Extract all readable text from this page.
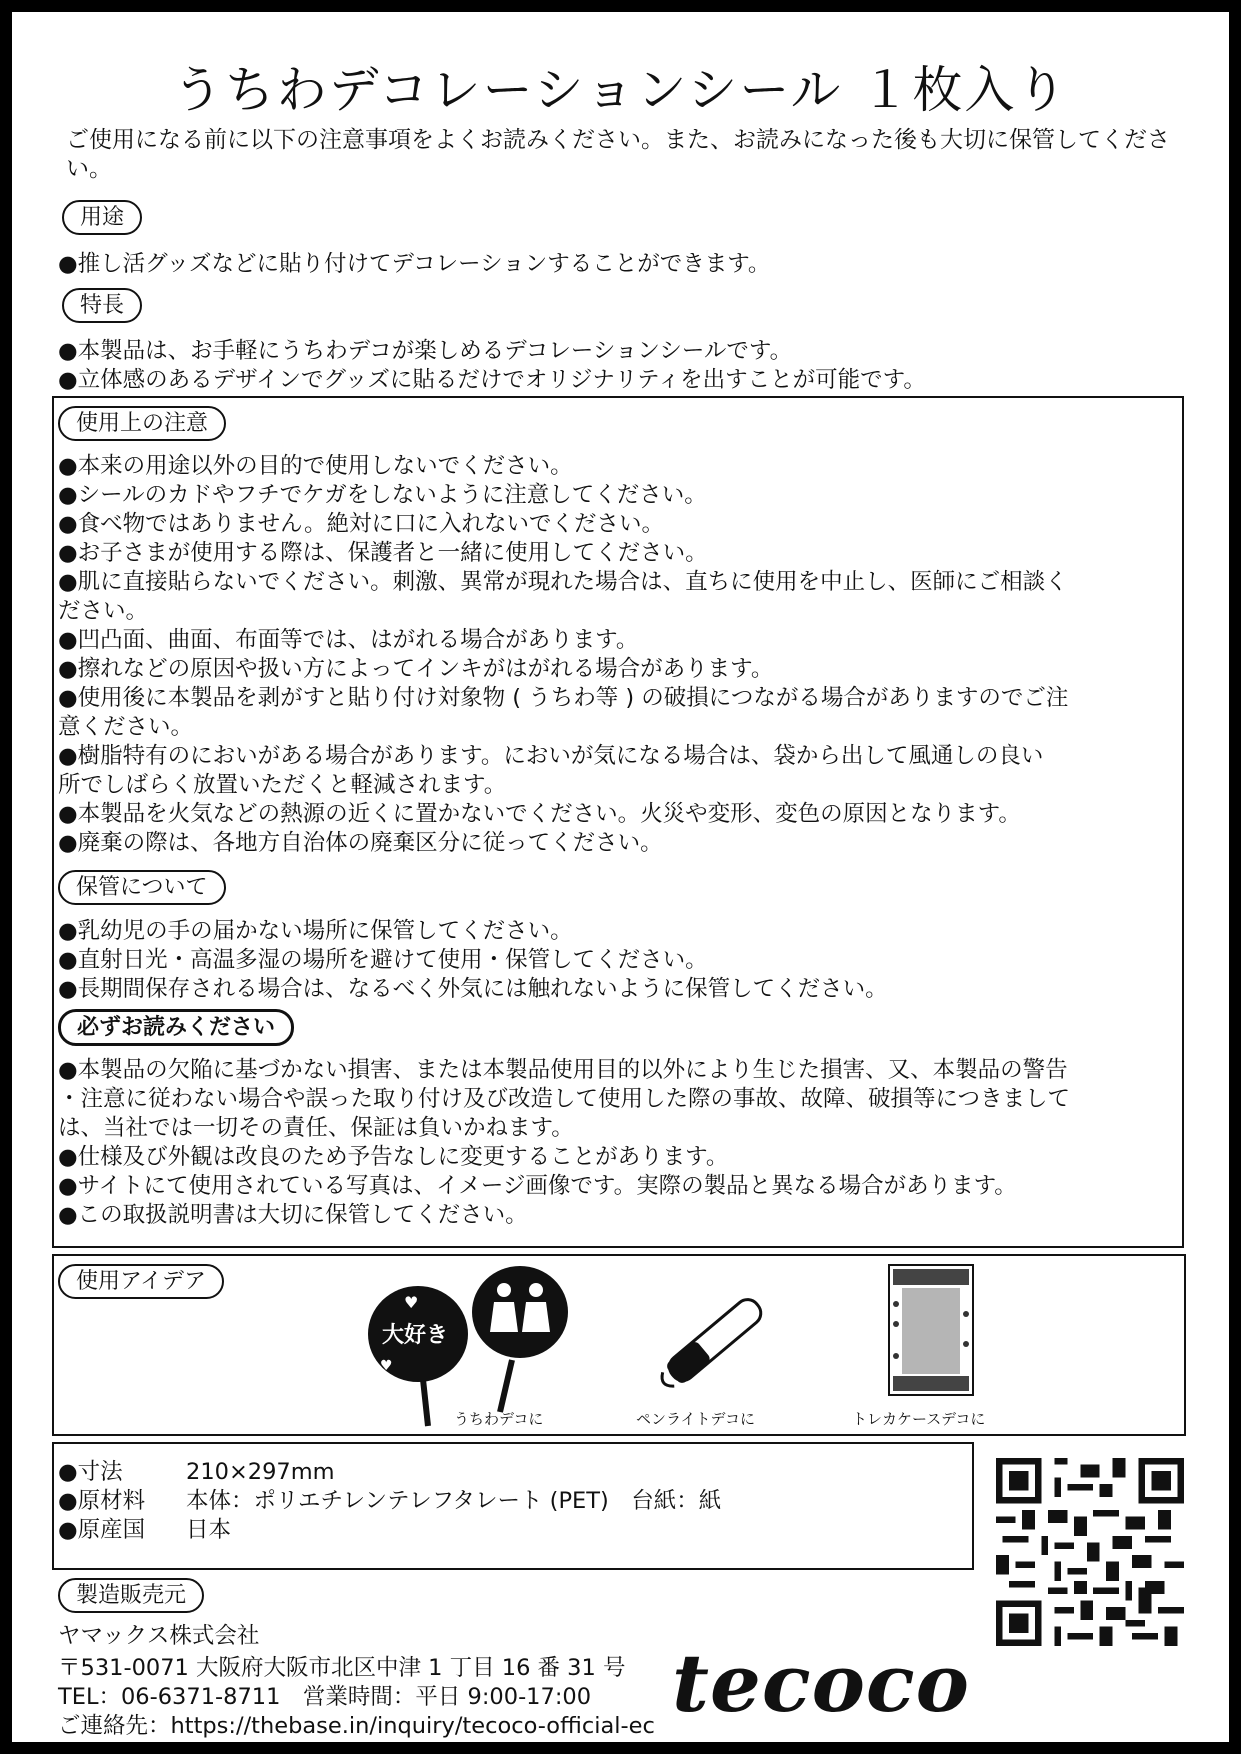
うちわデコレーションシール １枚入り
ご使用になる前に以下の注意事項をよくお読みください。また、お読みになった後も大切に保管してください。
用途
●推し活グッズなどに貼り付けてデコレーションすることができます。
特長
●本製品は、お手軽にうちわデコが楽しめるデコレーションシールです。
●立体感のあるデザインでグッズに貼るだけでオリジナリティを出すことが可能です。
使用上の注意
●本来の用途以外の目的で使用しないでください。
●シールのカドやフチでケガをしないように注意してください。
●食べ物ではありません。絶対に口に入れないでください。
●お子さまが使用する際は、保護者と一緒に使用してください。
●肌に直接貼らないでください。刺激、異常が現れた場合は、直ちに使用を中止し、医師にご相談く
ださい。
●凹凸面、曲面、布面等では、はがれる場合があります。
●擦れなどの原因や扱い方によってインキがはがれる場合があります。
●使用後に本製品を剥がすと貼り付け対象物 ( うちわ等 ) の破損につながる場合がありますのでご注
意ください。
●樹脂特有のにおいがある場合があります。においが気になる場合は、袋から出して風通しの良い
所でしばらく放置いただくと軽減されます。
●本製品を火気などの熱源の近くに置かないでください。火災や変形、変色の原因となります。
●廃棄の際は、各地方自治体の廃棄区分に従ってください。
保管について
●乳幼児の手の届かない場所に保管してください。
●直射日光・高温多湿の場所を避けて使用・保管してください。
●長期間保存される場合は、なるべく外気には触れないように保管してください。
必ずお読みください
●本製品の欠陥に基づかない損害、または本製品使用目的以外により生じた損害、又、本製品の警告
・注意に従わない場合や誤った取り付け及び改造して使用した際の事故、故障、破損等につきまして
は、当社では一切その責任、保証は負いかねます。
●仕様及び外観は改良のため予告なしに変更することがあります。
●サイトにて使用されている写真は、イメージ画像です。実際の製品と異なる場合があります。
●この取扱説明書は大切に保管してください。
使用アイデア
大好き
♥
♥
うちわデコに	ペンライトデコに	トレカケースデコに
●寸法	210×297mm
●原材料 本体：ポリエチレンテレフタレート (PET)　台紙：紙
●原産国 日本
製造販売元
ヤマックス株式会社
〒531-0071 大阪府大阪市北区中津 1 丁目 16 番 31 号
TEL：06-6371-8711　営業時間：平日 9:00-17:00
ご連絡先：https://thebase.in/inquiry/tecoco-official-ec tecoco
